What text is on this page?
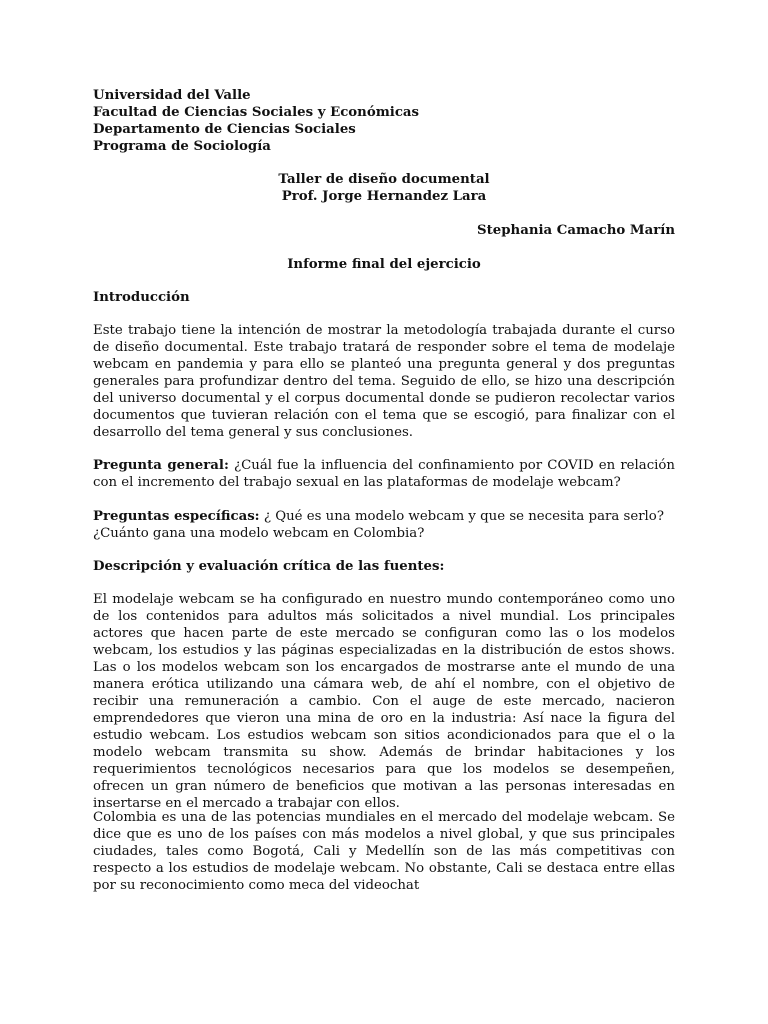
Universidad del Valle
Facultad de Ciencias Sociales y Económicas
Departamento de Ciencias Sociales
Programa de Sociología
Taller de diseño documental
Prof. Jorge Hernandez Lara
Stephania Camacho Marín
Informe final del ejercicio
Introducción
Este trabajo tiene la intención de mostrar la metodología trabajada durante el curso de diseño documental. Este trabajo tratará de responder sobre el tema de modelaje webcam en pandemia y para ello se planteó una pregunta general y dos preguntas generales para profundizar dentro del tema. Seguido de ello, se hizo una descripción del universo documental y el corpus documental donde se pudieron recolectar varios documentos que tuvieran relación con el tema que se escogió, para finalizar con el desarrollo del tema general y sus conclusiones.
Pregunta general: ¿Cuál fue la influencia del confinamiento por COVID en relación con el incremento del trabajo sexual en las plataformas de modelaje webcam?
Preguntas específicas: ¿ Qué es una modelo webcam y que se necesita para serlo?
¿Cuánto gana una modelo webcam en Colombia?
Descripción y evaluación crítica de las fuentes:
El modelaje webcam se ha configurado en nuestro mundo contemporáneo como uno de los contenidos para adultos más solicitados a nivel mundial. Los principales actores que hacen parte de este mercado se configuran como las o los modelos webcam, los estudios y las páginas especializadas en la distribución de estos shows. Las o los modelos webcam son los encargados de mostrarse ante el mundo de una manera erótica utilizando una cámara web, de ahí el nombre, con el objetivo de recibir una remuneración a cambio. Con el auge de este mercado, nacieron emprendedores que vieron una mina de oro en la industria: Así nace la figura del estudio webcam. Los estudios webcam son sitios acondicionados para que el o la modelo webcam transmita su show. Además de brindar habitaciones y los requerimientos tecnológicos necesarios para que los modelos se desempeñen, ofrecen un gran número de beneficios que motivan a las personas interesadas en insertarse en el mercado a trabajar con ellos.
Colombia es una de las potencias mundiales en el mercado del modelaje webcam. Se dice que es uno de los países con más modelos a nivel global, y que sus principales ciudades, tales como Bogotá, Cali y Medellín son de las más competitivas con respecto a los estudios de modelaje webcam. No obstante, Cali se destaca entre ellas por su reconocimiento como meca del videochat
